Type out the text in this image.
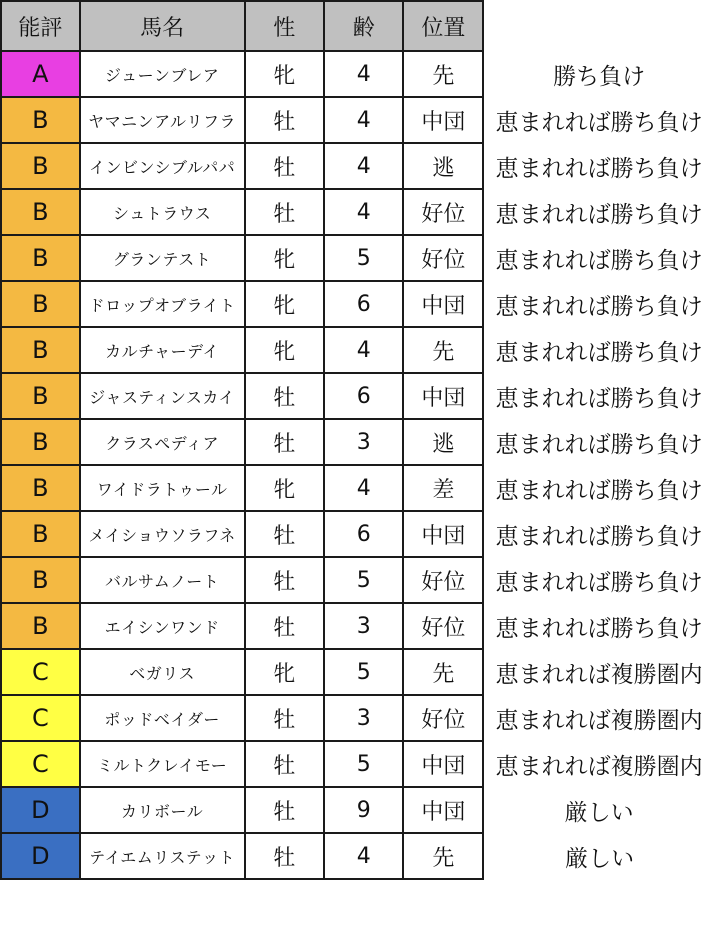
能評	馬名	性	齢	位置	
A	ジューンブレア	牝	4	先	勝ち負け
B	ヤマニンアルリフラ	牡	4	中団	恵まれれば勝ち負け
B	インビンシブルパパ	牡	4	逃	恵まれれば勝ち負け
B	シュトラウス	牡	4	好位	恵まれれば勝ち負け
B	グランテスト	牝	5	好位	恵まれれば勝ち負け
B	ドロップオブライト	牝	6	中団	恵まれれば勝ち負け
B	カルチャーデイ	牝	4	先	恵まれれば勝ち負け
B	ジャスティンスカイ	牡	6	中団	恵まれれば勝ち負け
B	クラスペディア	牡	3	逃	恵まれれば勝ち負け
B	ワイドラトゥール	牝	4	差	恵まれれば勝ち負け
B	メイショウソラフネ	牡	6	中団	恵まれれば勝ち負け
B	バルサムノート	牡	5	好位	恵まれれば勝ち負け
B	エイシンワンド	牡	3	好位	恵まれれば勝ち負け
C	ベガリス	牝	5	先	恵まれれば複勝圏内
C	ポッドベイダー	牡	3	好位	恵まれれば複勝圏内
C	ミルトクレイモー	牡	5	中団	恵まれれば複勝圏内
D	カリボール	牡	9	中団	厳しい
D	テイエムリステット	牡	4	先	厳しい
